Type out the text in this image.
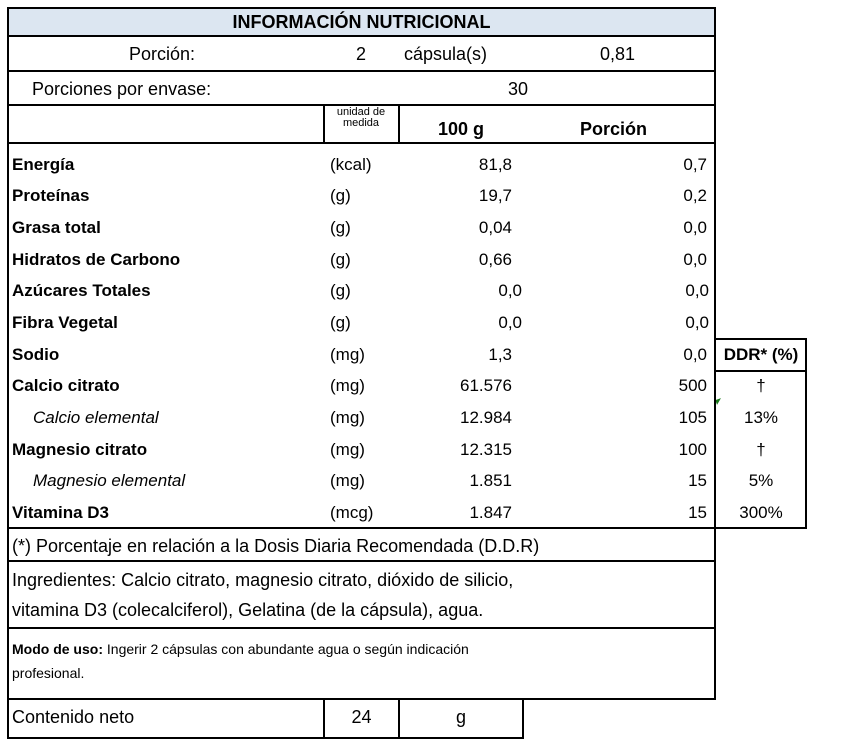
INFORMACIÓN NUTRICIONAL
Porción:	2 cápsula(s)	0,81
Porciones por envase:	30
unidad de medida	100 g	Porción
Energía	(kcal)	81,8	0,7
Proteínas	(g)	19,7	0,2
Grasa total	(g)	0,04	0,0
Hidratos de Carbono	(g)	0,66	0,0
Azúcares Totales	(g)	0,0	0,0
Fibra Vegetal	(g)	0,0	0,0
Sodio	(mg)	1,3	0,0 DDR* (%)
Calcio citrato	(mg)	61.576	500	†
Calcio elemental	(mg)	12.984	105	13%
Magnesio citrato	(mg)	12.315	100	†
Magnesio elemental	(mg)	1.851	15	5%
Vitamina D3	(mcg)	1.847	15	300%
(*) Porcentaje en relación a la Dosis Diaria Recomendada (D.D.R)
Ingredientes: Calcio citrato, magnesio citrato, dióxido de silicio,
vitamina D3 (colecalciferol), Gelatina (de la cápsula), agua.
Modo de uso: Ingerir 2 cápsulas con abundante agua o según indicación
profesional.
Contenido neto	24	g
